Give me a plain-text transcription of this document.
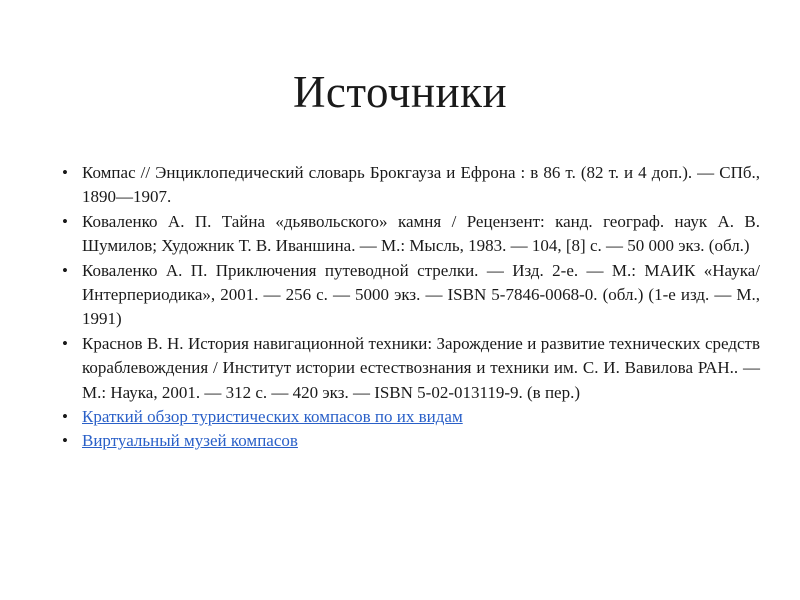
Источники
• Компас // Энциклопедический словарь Брокгауза и Ефрона : в 86 т. (82 т. и 4 доп.). — СПб., 1890—1907.
• Коваленко А. П. Тайна «дьявольского» камня / Рецензент: канд. географ. наук А. В. Шумилов; Художник Т. В. Иваншина. — М.: Мысль, 1983. — 104, [8] с. — 50 000 экз. (обл.)
• Коваленко А. П. Приключения путеводной стрелки. — Изд. 2-е. — М.: МАИК «Наука/Интерпериодика», 2001. — 256 с. — 5000 экз. — ISBN 5-7846-0068-0. (обл.) (1-е изд. — М., 1991)
• Краснов В. Н. История навигационной техники: Зарождение и развитие технических средств кораблевождения / Институт истории естествознания и техники им. С. И. Вавилова РАН.. — М.: Наука, 2001. — 312 с. — 420 экз. — ISBN 5-02-013119-9. (в пер.)
• Краткий обзор туристических компасов по их видам
• Виртуальный музей компасов
